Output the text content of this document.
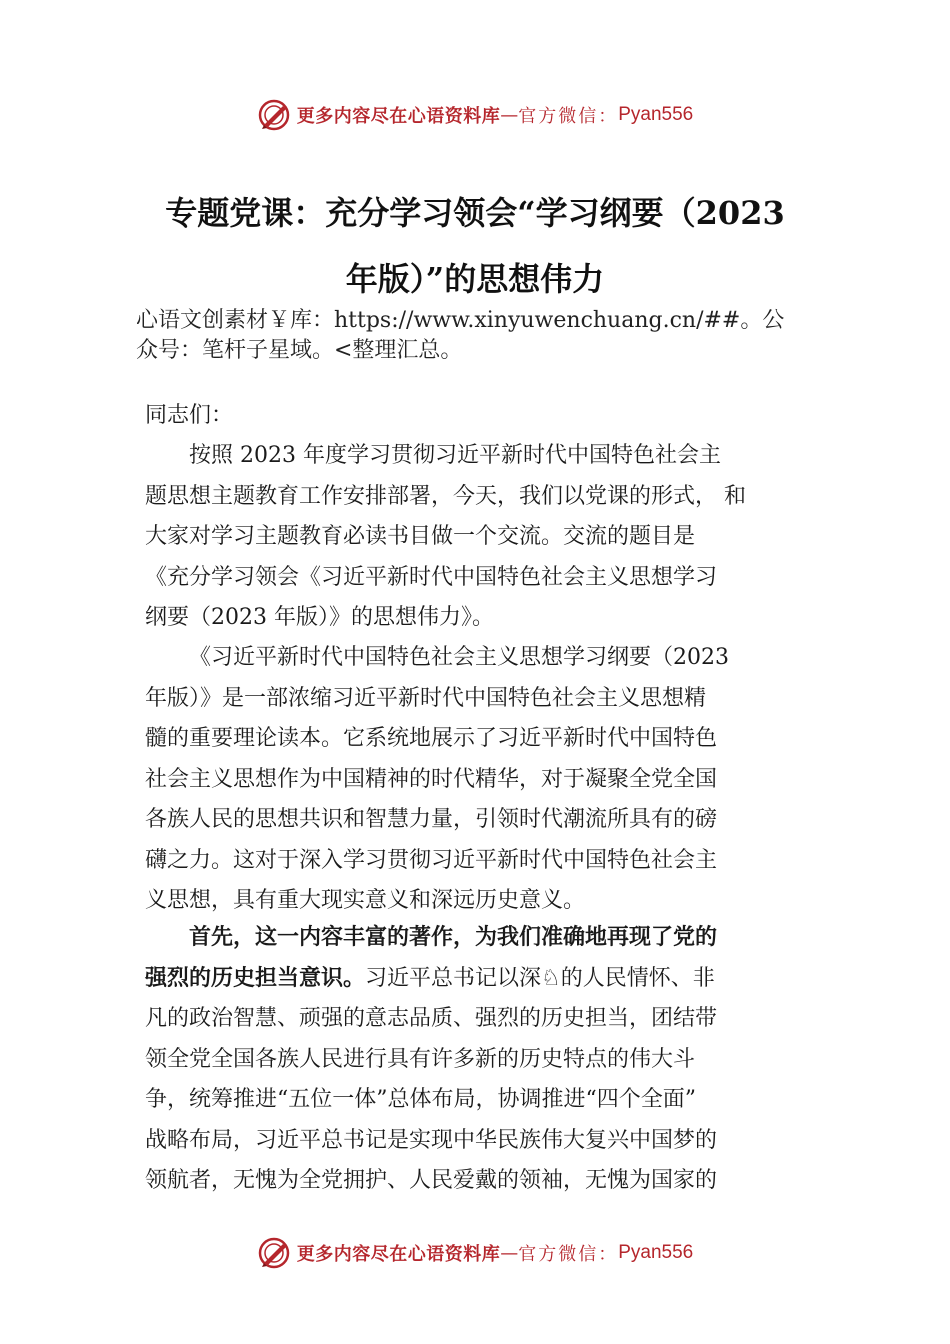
更多内容尽在心语资料库 — 官方微信： Pyan556
专题党课：充分学习领会“学习纲要（2023
年版）”的思想伟力
心语文创素材￥库：https://www.xinyuwenchuang.cn/##。公
众号：笔杆子星域。<整理汇总。
同志们：
按照 2023 年度学习贯彻习近平新时代中国特色社会主
题思想主题教育工作安排部署，今天，我们以党课的形式， 和
大家对学习主题教育必读书目做一个交流。交流的题目是
《充分学习领会《习近平新时代中国特色社会主义思想学习
纲要（2023 年版）》的思想伟力》。
《习近平新时代中国特色社会主义思想学习纲要（2023
年版）》是一部浓缩习近平新时代中国特色社会主义思想精
髓的重要理论读本。它系统地展示了习近平新时代中国特色
社会主义思想作为中国精神的时代精华，对于凝聚全党全国
各族人民的思想共识和智慧力量，引领时代潮流所具有的磅
礴之力。这对于深入学习贯彻习近平新时代中国特色社会主
义思想，具有重大现实意义和深远历史意义。
首先，这一内容丰富的著作，为我们准确地再现了党的
强烈的历史担当意识。习近平总书记以深♘的人民情怀、非
凡的政治智慧、顽强的意志品质、强烈的历史担当，团结带
领全党全国各族人民进行具有许多新的历史特点的伟大斗
争，统筹推进“五位一体”总体布局，协调推进“四个全面”
战略布局，习近平总书记是实现中华民族伟大复兴中国梦的
领航者，无愧为全党拥护、人民爱戴的领袖，无愧为国家的
更多内容尽在心语资料库 — 官方微信： Pyan556
